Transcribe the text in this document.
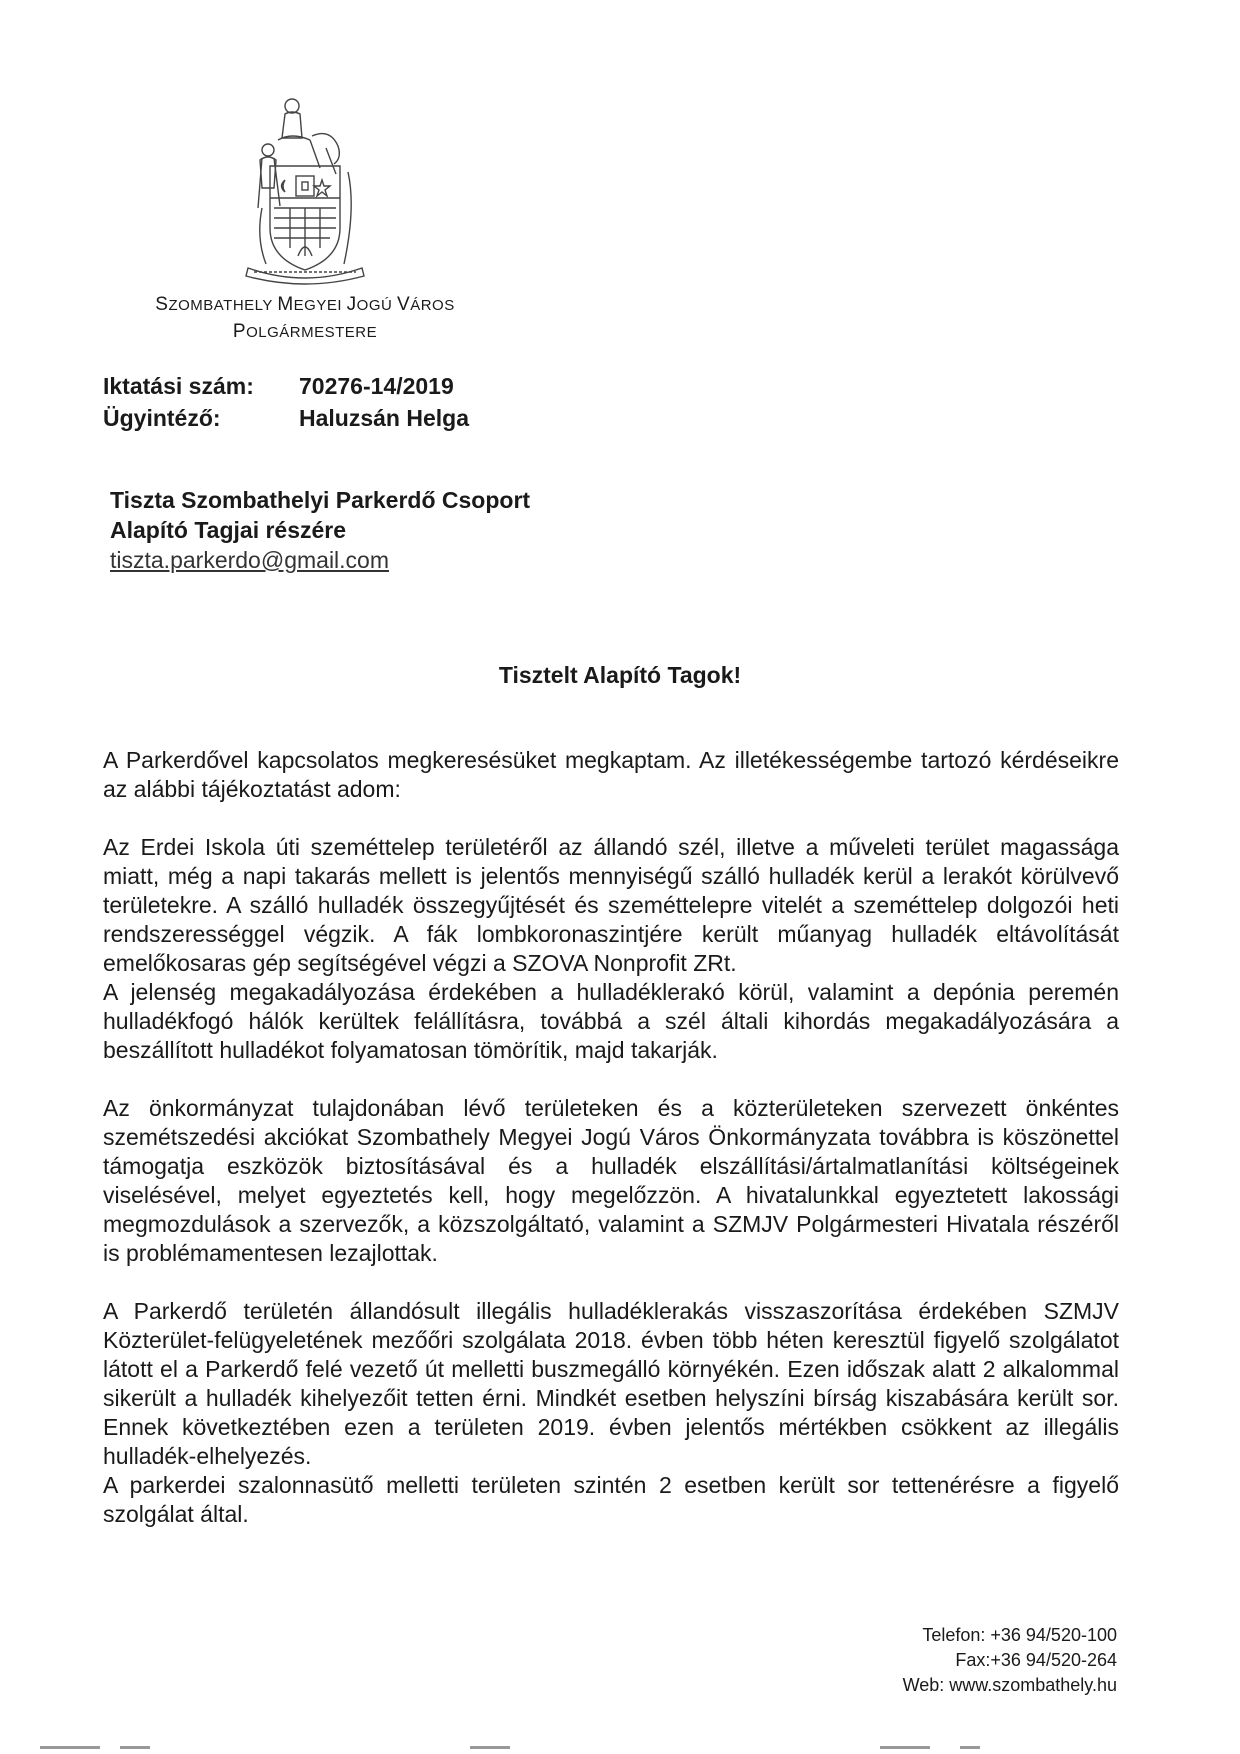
SZOMBATHELY MEGYEI JOGÚ VÁROS
POLGÁRMESTERE
Iktatási szám:	70276-14/2019
Ügyintéző:	Haluzsán Helga
Tiszta Szombathelyi Parkerdő Csoport
Alapító Tagjai részére
tiszta.parkerdo@gmail.com
Tisztelt Alapító Tagok!

A Parkerdővel kapcsolatos megkeresésüket megkaptam. Az illetékességembe tartozó kérdéseikre az alábbi tájékoztatást adom:

Az Erdei Iskola úti szeméttelep területéről az állandó szél, illetve a műveleti terület magassága miatt, még a napi takarás mellett is jelentős mennyiségű szálló hulladék kerül a lerakót körülvevő területekre. A szálló hulladék összegyűjtését és szeméttelepre vitelét a szeméttelep dolgozói heti rendszerességgel végzik. A fák lombkoronaszintjére került műanyag hulladék eltávolítását emelőkosaras gép segítségével végzi a SZOVA Nonprofit ZRt.

A jelenség megakadályozása érdekében a hulladéklerakó körül, valamint a depónia peremén hulladékfogó hálók kerültek felállításra, továbbá a szél általi kihordás megakadályozására a beszállított hulladékot folyamatosan tömörítik, majd takarják.

Az önkormányzat tulajdonában lévő területeken és a közterületeken szervezett önkéntes szemétszedési akciókat Szombathely Megyei Jogú Város Önkormányzata továbbra is köszönettel támogatja eszközök biztosításával és a hulladék elszállítási/ártalmatlanítási költségeinek viselésével, melyet egyeztetés kell, hogy megelőzzön. A hivatalunkkal egyeztetett lakossági megmozdulások a szervezők, a közszolgáltató, valamint a SZMJV Polgármesteri Hivatala részéről is problémamentesen lezajlottak.

A Parkerdő területén állandósult illegális hulladéklerakás visszaszorítása érdekében SZMJV Közterület-felügyeletének mezőőri szolgálata 2018. évben több héten keresztül figyelő szolgálatot látott el a Parkerdő felé vezető út melletti buszmegálló környékén. Ezen időszak alatt 2 alkalommal sikerült a hulladék kihelyezőit tetten érni. Mindkét esetben helyszíni bírság kiszabására került sor. Ennek következtében ezen a területen 2019. évben jelentős mértékben csökkent az illegális hulladék-elhelyezés.

A parkerdei szalonnasütő melletti területen szintén 2 esetben került sor tettenérésre a figyelő szolgálat által.

Telefon: +36 94/520-100
Fax:+36 94/520-264
Web: www.szombathely.hu
